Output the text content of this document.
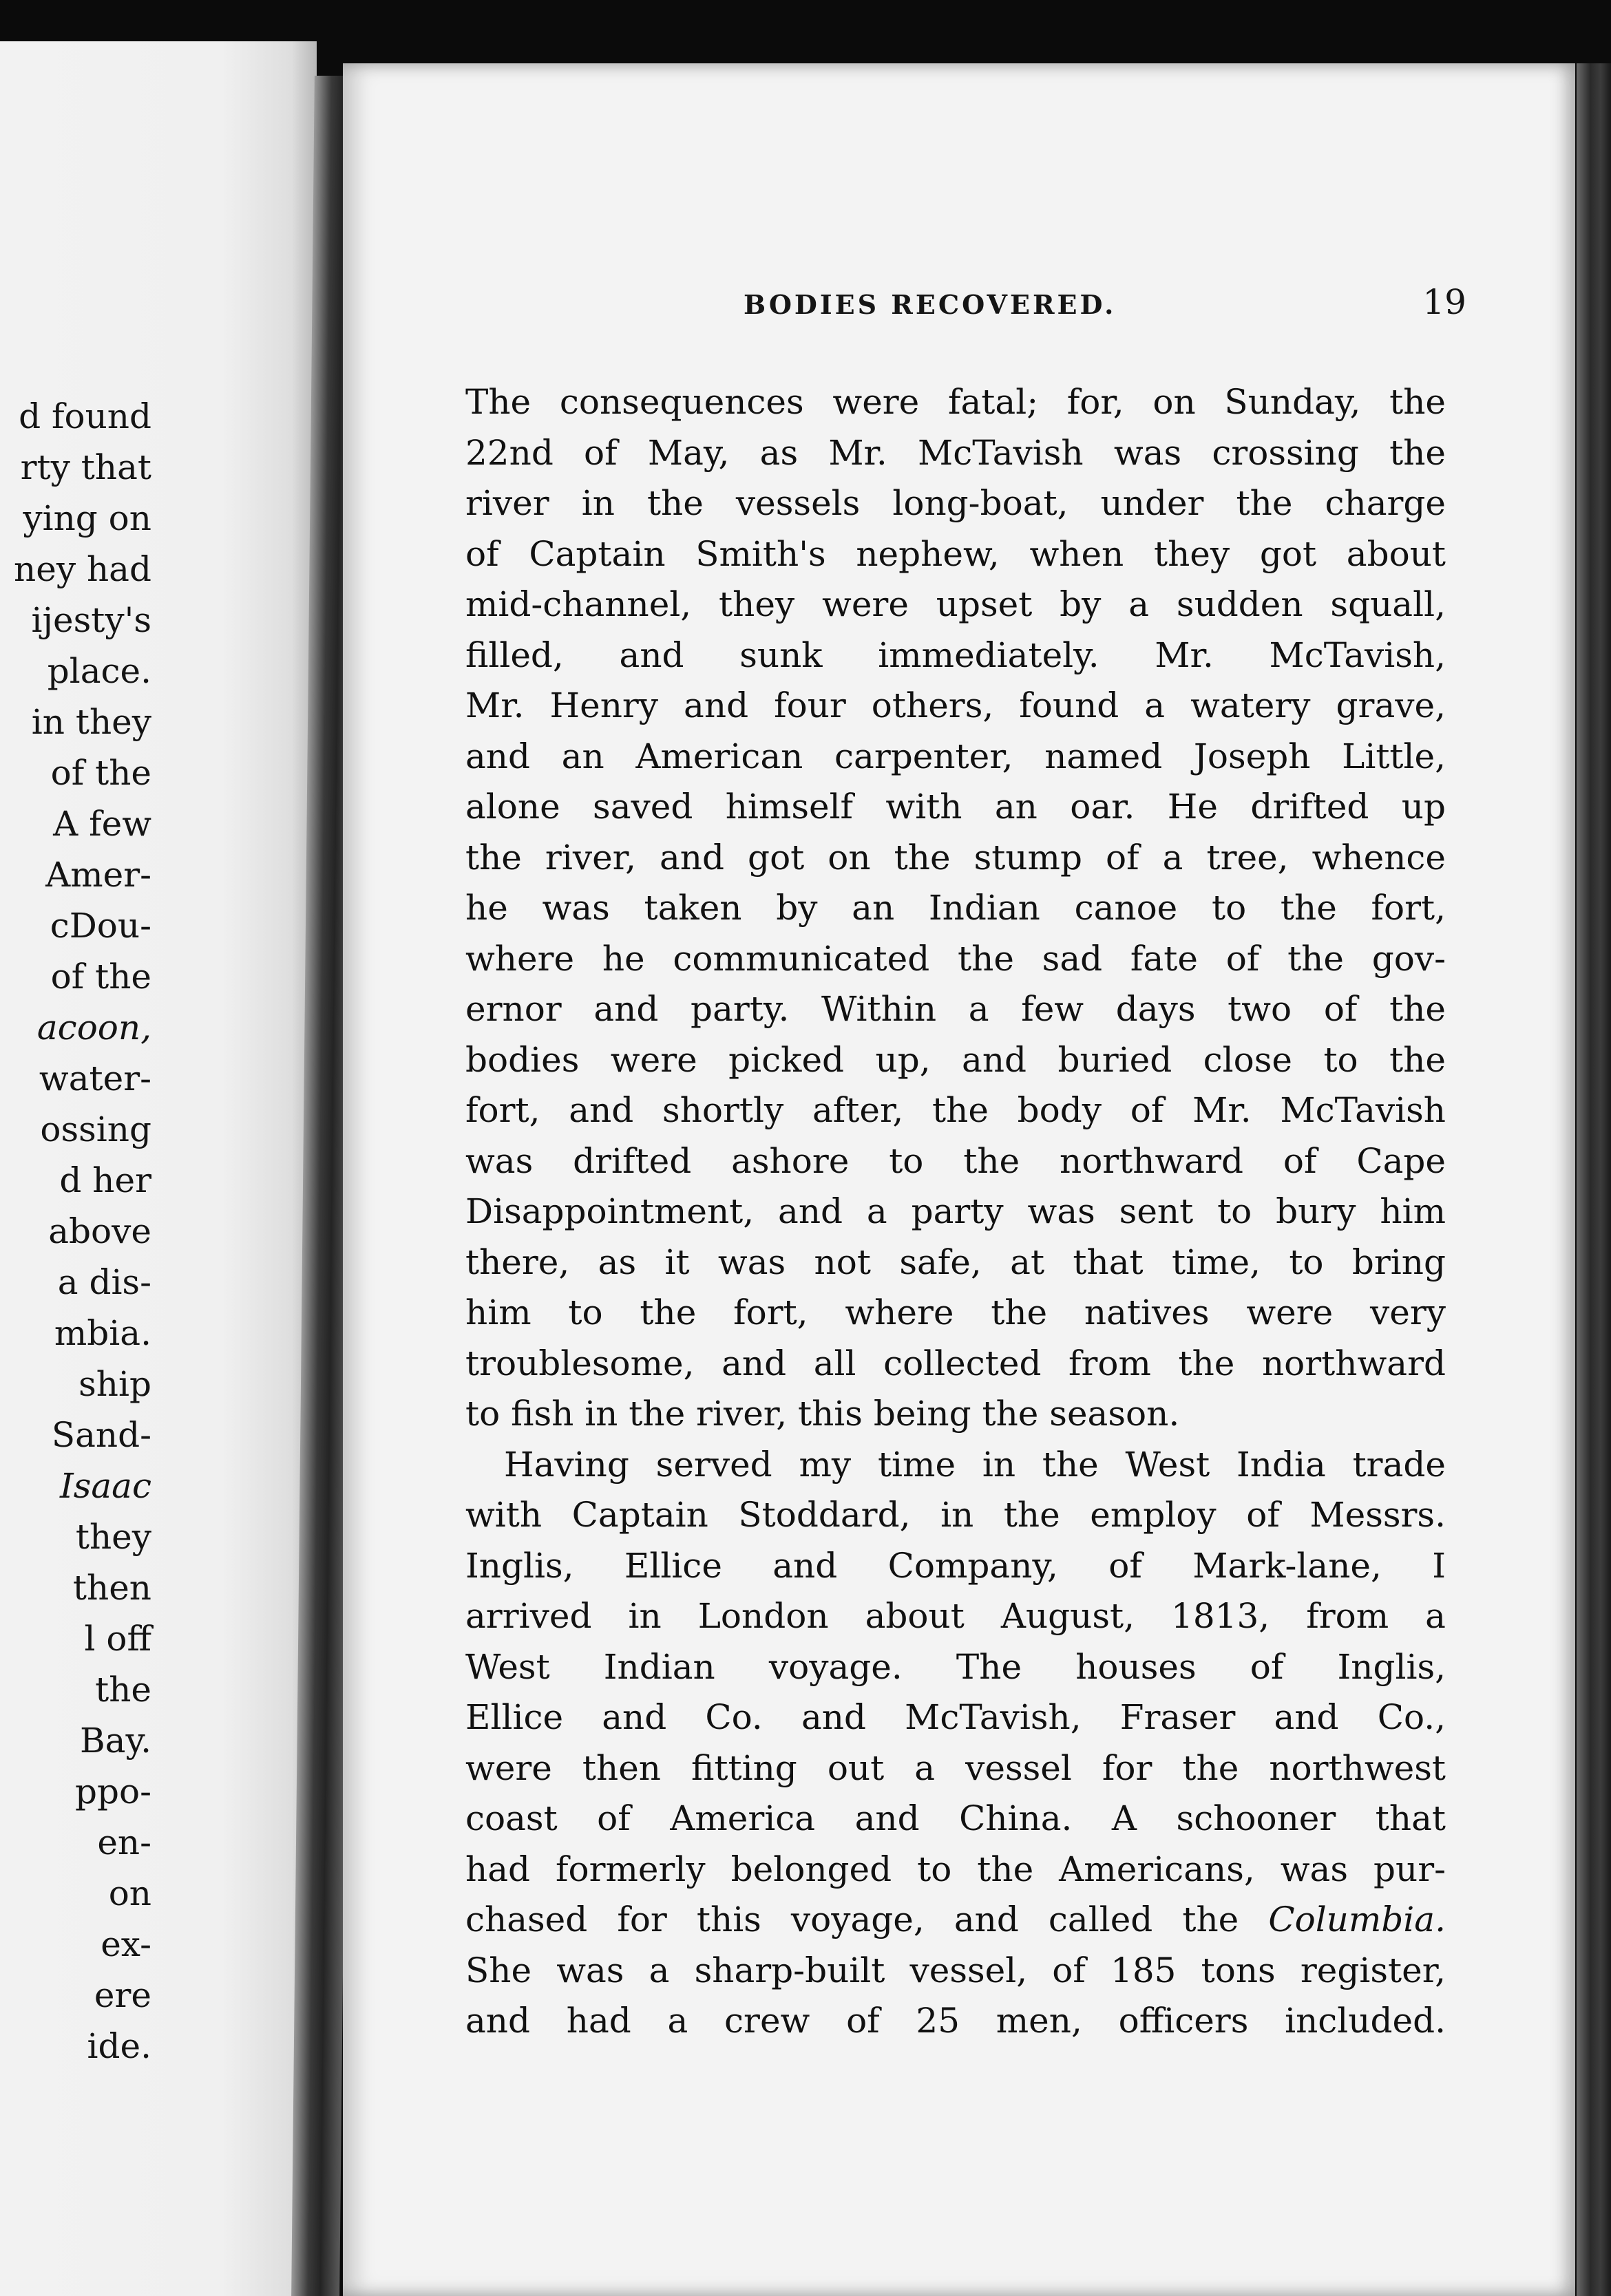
d found
rty that
ying on
ney had
ijesty's
place.
in they
of the
A few
Amer-
cDou-
of the
acoon,
water-
ossing
d her
above
a dis-
mbia.
ship
Sand-
Isaac
they
then
l off
the
Bay.
ppo-
en-
on
ex-
ere
ide.
BODIES RECOVERED.	19
The consequences were fatal; for, on Sunday, the
22nd of May, as Mr. McTavish was crossing the
river in the vessels long-boat, under the charge
of Captain Smith's nephew, when they got about
mid-channel, they were upset by a sudden squall,
filled, and sunk immediately. Mr. McTavish,
Mr. Henry and four others, found a watery grave,
and an American carpenter, named Joseph Little,
alone saved himself with an oar. He drifted up
the river, and got on the stump of a tree, whence
he was taken by an Indian canoe to the fort,
where he communicated the sad fate of the gov-
ernor and party. Within a few days two of the
bodies were picked up, and buried close to the
fort, and shortly after, the body of Mr. McTavish
was drifted ashore to the northward of Cape
Disappointment, and a party was sent to bury him
there, as it was not safe, at that time, to bring
him to the fort, where the natives were very
troublesome, and all collected from the northward
to fish in the river, this being the season.
Having served my time in the West India trade
with Captain Stoddard, in the employ of Messrs.
Inglis, Ellice and Company, of Mark-lane, I
arrived in London about August, 1813, from a
West Indian voyage. The houses of Inglis,
Ellice and Co. and McTavish, Fraser and Co.,
were then fitting out a vessel for the northwest
coast of America and China. A schooner that
had formerly belonged to the Americans, was pur-
chased for this voyage, and called the Columbia.
She was a sharp-built vessel, of 185 tons register,
and had a crew of 25 men, officers included.
